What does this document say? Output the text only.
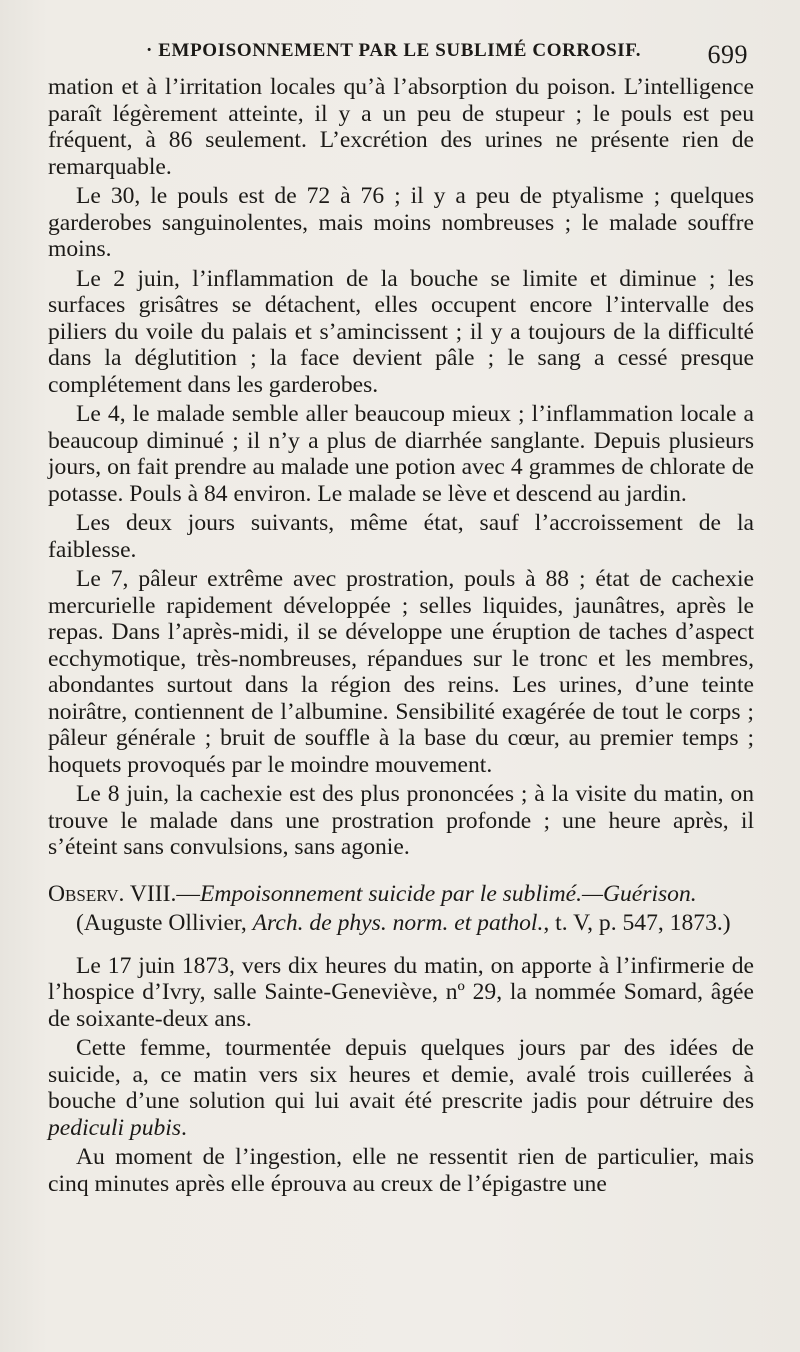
· EMPOISONNEMENT PAR LE SUBLIMÉ CORROSIF.	699

mation et à l’irritation locales qu’à l’absorption du poison. L’intelligence paraît légèrement atteinte, il y a un peu de stupeur ; le pouls est peu fréquent, à 86 seulement. L’excrétion des urines ne présente rien de remarquable.

Le 30, le pouls est de 72 à 76 ; il y a peu de ptyalisme ; quelques garderobes sanguinolentes, mais moins nombreuses ; le malade souffre moins.

Le 2 juin, l’inflammation de la bouche se limite et diminue ; les surfaces grisâtres se détachent, elles occupent encore l’intervalle des piliers du voile du palais et s’amincissent ; il y a toujours de la difficulté dans la déglutition ; la face devient pâle ; le sang a cessé presque complétement dans les garderobes.

Le 4, le malade semble aller beaucoup mieux ; l’inflammation locale a beaucoup diminué ; il n’y a plus de diarrhée sanglante. Depuis plusieurs jours, on fait prendre au malade une potion avec 4 grammes de chlorate de potasse. Pouls à 84 environ. Le malade se lève et descend au jardin.

Les deux jours suivants, même état, sauf l’accroissement de la faiblesse.

Le 7, pâleur extrême avec prostration, pouls à 88 ; état de cachexie mercurielle rapidement développée ; selles liquides, jaunâtres, après le repas. Dans l’après-midi, il se développe une éruption de taches d’aspect ecchymotique, très-nombreuses, répandues sur le tronc et les membres, abondantes surtout dans la région des reins. Les urines, d’une teinte noirâtre, contiennent de l’albumine. Sensibilité exagérée de tout le corps ; pâleur générale ; bruit de souffle à la base du cœur, au premier temps ; hoquets provoqués par le moindre mouvement.

Le 8 juin, la cachexie est des plus prononcées ; à la visite du matin, on trouve le malade dans une prostration profonde ; une heure après, il s’éteint sans convulsions, sans agonie.

Observ. VIII.—Empoisonnement suicide par le sublimé.—Guérison.

(Auguste Ollivier, Arch. de phys. norm. et pathol., t. V, p. 547, 1873.)

Le 17 juin 1873, vers dix heures du matin, on apporte à l’infirmerie de l’hospice d’Ivry, salle Sainte-Geneviève, nº 29, la nommée Somard, âgée de soixante-deux ans.

Cette femme, tourmentée depuis quelques jours par des idées de suicide, a, ce matin vers six heures et demie, avalé trois cuillerées à bouche d’une solution qui lui avait été prescrite jadis pour détruire des pediculi pubis.

Au moment de l’ingestion, elle ne ressentit rien de particulier, mais cinq minutes après elle éprouva au creux de l’épigastre une
